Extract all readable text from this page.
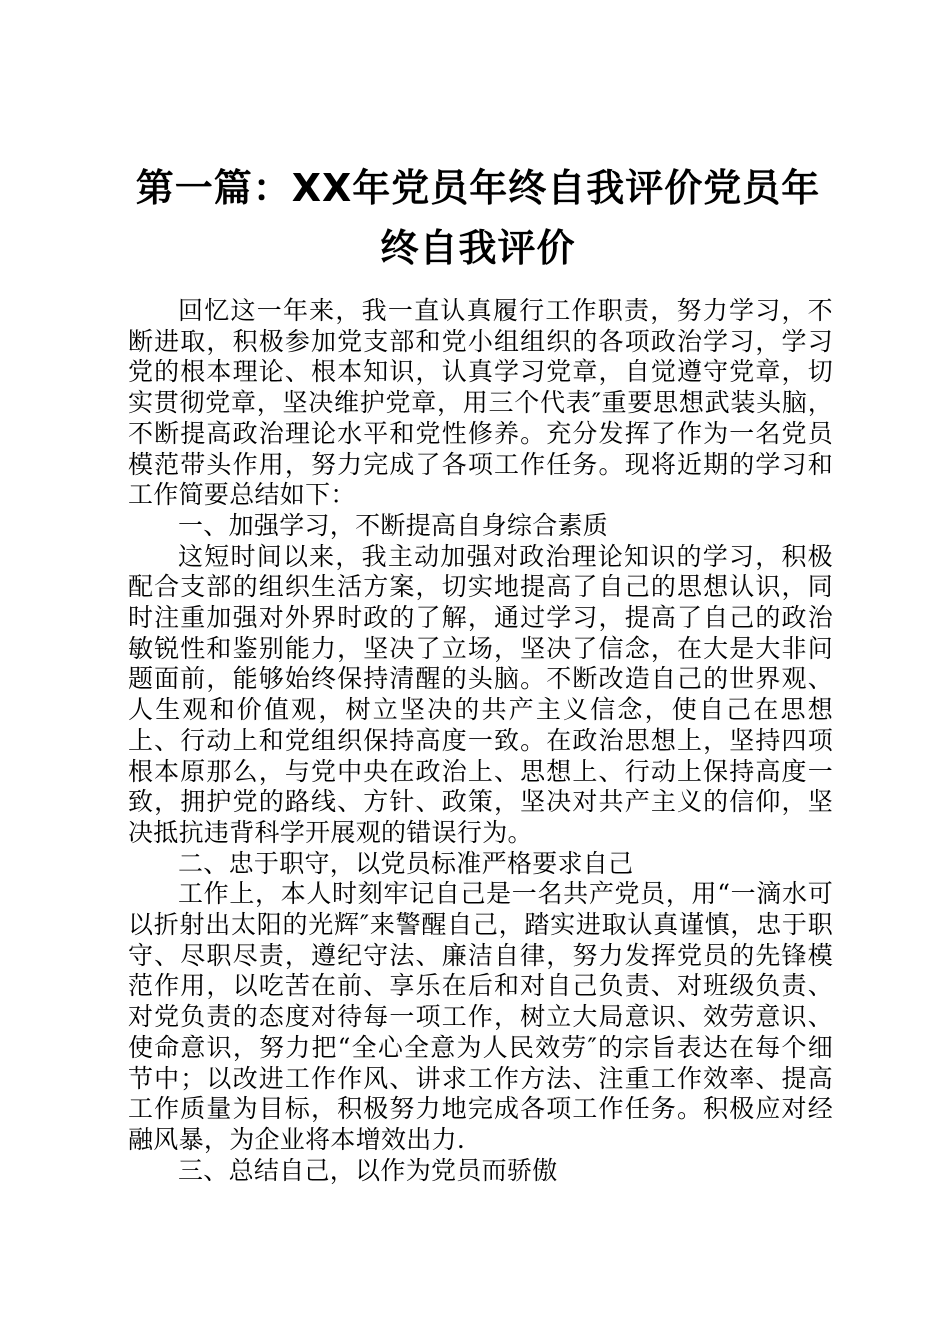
第一篇：XX年党员年终自我评价党员年终自我评价

回忆这一年来，我一直认真履行工作职责，努力学习，不断进取，积极参加党支部和党小组组织的各项政治学习，学习党的根本理论、根本知识，认真学习党章，自觉遵守党章，切实贯彻党章，坚决维护党章，用三个代表″重要思想武装头脑，不断提高政治理论水平和党性修养。充分发挥了作为一名党员模范带头作用，努力完成了各项工作任务。现将近期的学习和工作简要总结如下：

一、加强学习，不断提高自身综合素质

这短时间以来，我主动加强对政治理论知识的学习，积极配合支部的组织生活方案，切实地提高了自己的思想认识，同时注重加强对外界时政的了解，通过学习，提高了自己的政治敏锐性和鉴别能力，坚决了立场，坚决了信念，在大是大非问题面前，能够始终保持清醒的头脑。不断改造自己的世界观、人生观和价值观，树立坚决的共产主义信念，使自己在思想上、行动上和党组织保持高度一致。在政治思想上，坚持四项根本原那么，与党中央在政治上、思想上、行动上保持高度一致，拥护党的路线、方针、政策，坚决对共产主义的信仰，坚决抵抗违背科学开展观的错误行为。

二、忠于职守，以党员标准严格要求自己

工作上，本人时刻牢记自己是一名共产党员，用“一滴水可以折射出太阳的光辉″来警醒自己，踏实进取认真谨慎，忠于职守、尽职尽责，遵纪守法、廉洁自律，努力发挥党员的先锋模范作用，以吃苦在前、享乐在后和对自己负责、对班级负责、对党负责的态度对待每一项工作，树立大局意识、效劳意识、使命意识，努力把“全心全意为人民效劳″的宗旨表达在每个细节中；以改进工作作风、讲求工作方法、注重工作效率、提高工作质量为目标，积极努力地完成各项工作任务。积极应对经融风暴，为企业将本增效出力.

三、总结自己，以作为党员而骄傲
